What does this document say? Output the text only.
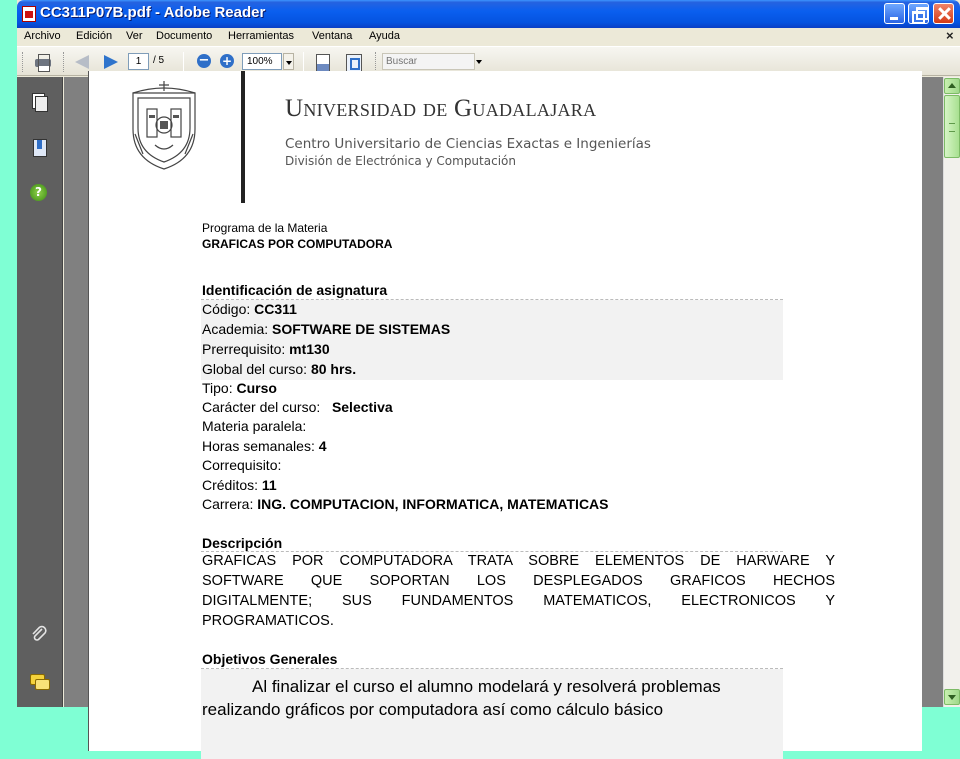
CC311P07B.pdf - Adobe Reader
Archivo Edición Ver Documento Herramientas Ventana Ayuda	×
1
/ 5 − +	100%
Buscar
?
Universidad de Guadalajara
Centro Universitario de Ciencias Exactas e Ingenierías
División de Electrónica y Computación
Programa de la Materia
GRAFICAS POR COMPUTADORA
Identificación de asignatura
Código: CC311
Academia: SOFTWARE DE SISTEMAS
Prerrequisito: mt130
Global del curso: 80 hrs.
Tipo: Curso
Carácter del curso:   Selectiva
Materia paralela:
Horas semanales: 4
Correquisito:
Créditos: 11
Carrera: ING. COMPUTACION, INFORMATICA, MATEMATICAS
Descripción
GRAFICAS POR COMPUTADORA TRATA SOBRE ELEMENTOS DE HARWARE Y
SOFTWARE QUE SOPORTAN LOS DESPLEGADOS GRAFICOS HECHOS
DIGITALMENTE; SUS FUNDAMENTOS MATEMATICOS, ELECTRONICOS Y
PROGRAMATICOS.
Objetivos Generales
Al finalizar el curso el alumno modelará y resolverá problemas
realizando gráficos por computadora así como cálculo básico
